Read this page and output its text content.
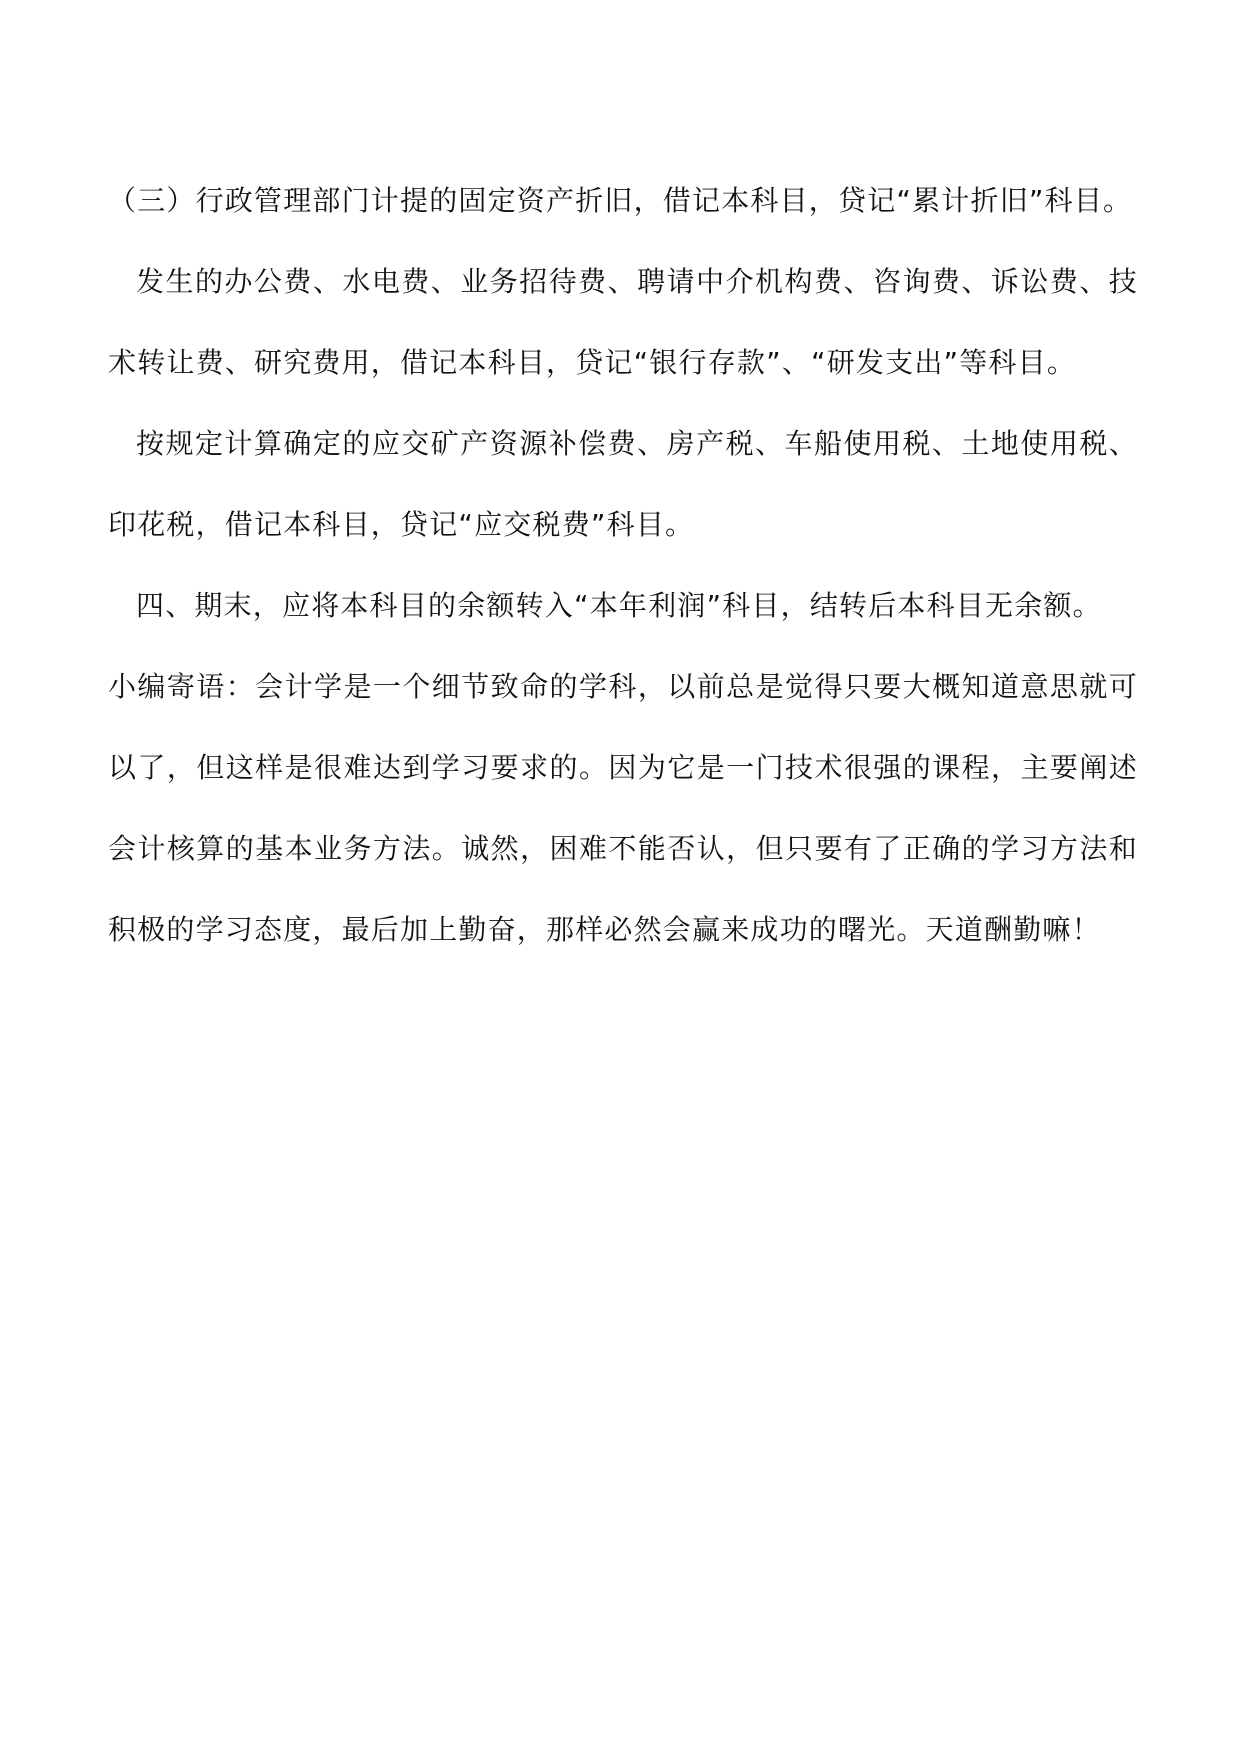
（三）行政管理部门计提的固定资产折旧，借记本科目，贷记“累计折旧”科目。

发生的办公费、水电费、业务招待费、聘请中介机构费、咨询费、诉讼费、技术转让费、研究费用，借记本科目，贷记“银行存款”、“研发支出”等科目。

按规定计算确定的应交矿产资源补偿费、房产税、车船使用税、土地使用税、印花税，借记本科目，贷记“应交税费”科目。

四、期末，应将本科目的余额转入“本年利润”科目，结转后本科目无余额。

小编寄语：会计学是一个细节致命的学科，以前总是觉得只要大概知道意思就可以了，但这样是很难达到学习要求的。因为它是一门技术很强的课程，主要阐述会计核算的基本业务方法。诚然，困难不能否认，但只要有了正确的学习方法和积极的学习态度，最后加上勤奋，那样必然会赢来成功的曙光。天道酬勤嘛！
